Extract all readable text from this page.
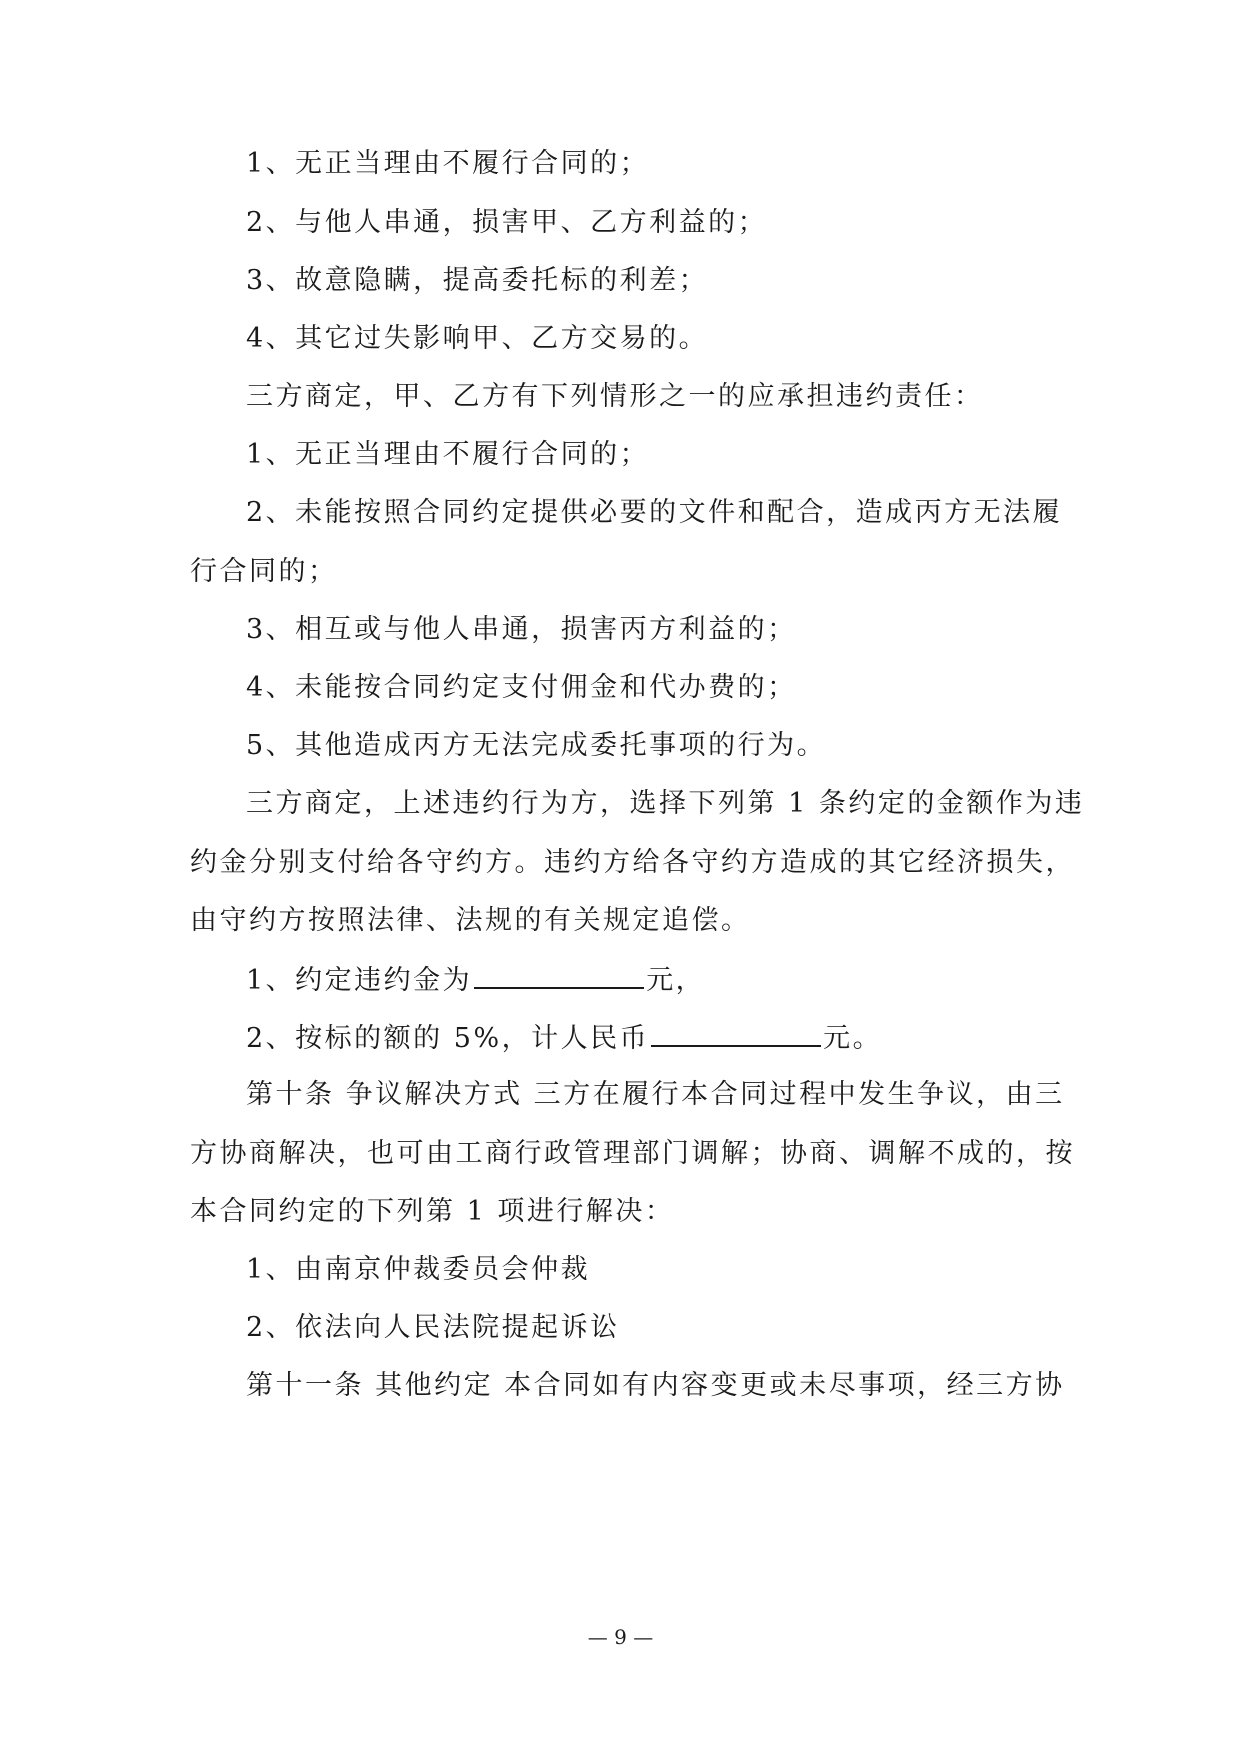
1、无正当理由不履行合同的；
2、与他人串通，损害甲、乙方利益的；
3、故意隐瞒，提高委托标的利差；
4、其它过失影响甲、乙方交易的。
三方商定，甲、乙方有下列情形之一的应承担违约责任：
1、无正当理由不履行合同的；
2、未能按照合同约定提供必要的文件和配合，造成丙方无法履
行合同的；
3、相互或与他人串通，损害丙方利益的；
4、未能按合同约定支付佣金和代办费的；
5、其他造成丙方无法完成委托事项的行为。
三方商定，上述违约行为方，选择下列第 1 条约定的金额作为违
约金分别支付给各守约方。违约方给各守约方造成的其它经济损失，
由守约方按照法律、法规的有关规定追偿。
1、约定违约金为	元，
2、按标的额的 5%，计人民币	元。
第十条 争议解决方式 三方在履行本合同过程中发生争议，由三
方协商解决，也可由工商行政管理部门调解；协商、调解不成的，按
本合同约定的下列第 1 项进行解决：
1、由南京仲裁委员会仲裁
2、依法向人民法院提起诉讼
第十一条 其他约定 本合同如有内容变更或未尽事项，经三方协
— 9 —
